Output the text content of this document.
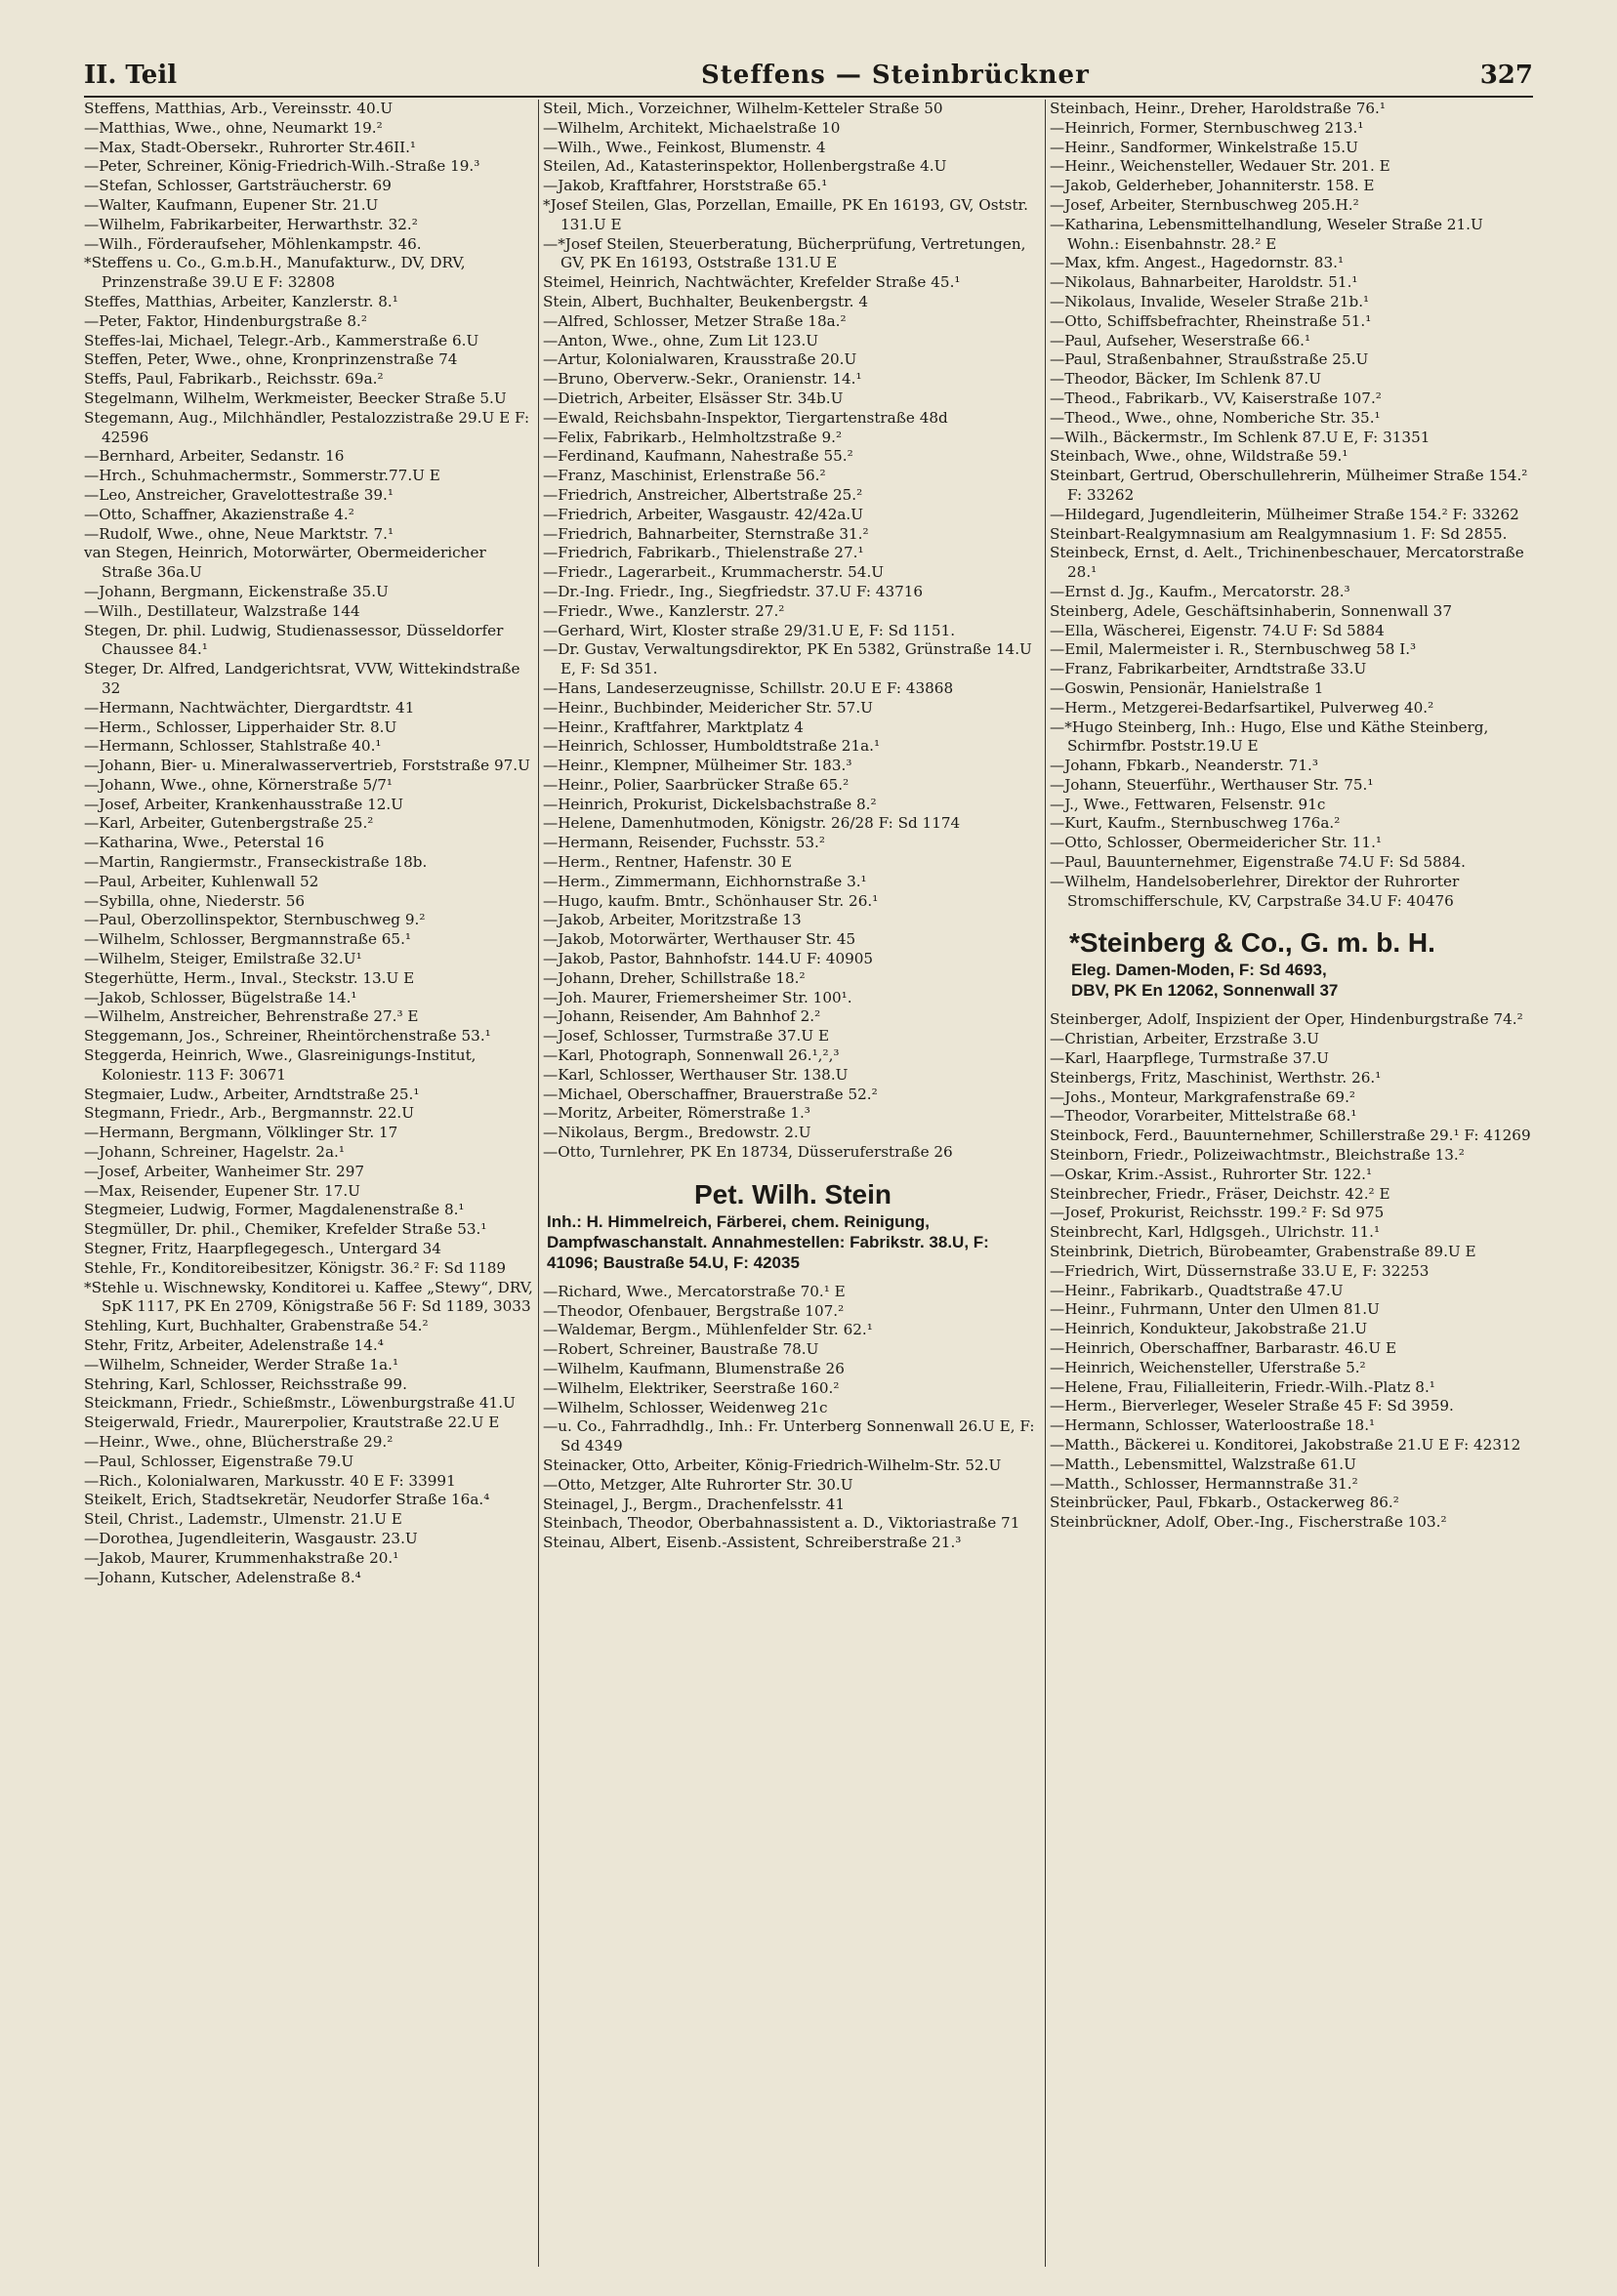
II. Teil	Steffens — Steinbrückner	327

Steffens, Matthias, Arb., Vereinsstr. 40.U

—Matthias, Wwe., ohne, Neumarkt 19.²

—Max, Stadt-Obersekr., Ruhrorter Str.46II.¹

—Peter, Schreiner, König-Friedrich-Wilh.-Straße 19.³

—Stefan, Schlosser, Gartsträucherstr. 69

—Walter, Kaufmann, Eupener Str. 21.U

—Wilhelm, Fabrikarbeiter, Herwarthstr. 32.²

—Wilh., Förderaufseher, Möhlenkampstr. 46.

*Steffens u. Co., G.m.b.H., Manufakturw., DV, DRV, Prinzenstraße 39.U E F: 32808

Steffes, Matthias, Arbeiter, Kanzlerstr. 8.¹

—Peter, Faktor, Hindenburgstraße 8.²

Steffes-lai, Michael, Telegr.-Arb., Kammerstraße 6.U

Steffen, Peter, Wwe., ohne, Kronprinzenstraße 74

Steffs, Paul, Fabrikarb., Reichsstr. 69a.²

Stegelmann, Wilhelm, Werkmeister, Beecker Straße 5.U

Stegemann, Aug., Milchhändler, Pestalozzistraße 29.U E F: 42596

—Bernhard, Arbeiter, Sedanstr. 16

—Hrch., Schuhmachermstr., Sommerstr.77.U E

—Leo, Anstreicher, Gravelottestraße 39.¹

—Otto, Schaffner, Akazienstraße 4.²

—Rudolf, Wwe., ohne, Neue Marktstr. 7.¹

van Stegen, Heinrich, Motorwärter, Obermeidericher Straße 36a.U

—Johann, Bergmann, Eickenstraße 35.U

—Wilh., Destillateur, Walzstraße 144

Stegen, Dr. phil. Ludwig, Studienassessor, Düsseldorfer Chaussee 84.¹

Steger, Dr. Alfred, Landgerichtsrat, VVW, Wittekindstraße 32

—Hermann, Nachtwächter, Diergardtstr. 41

—Herm., Schlosser, Lipperhaider Str. 8.U

—Hermann, Schlosser, Stahlstraße 40.¹

—Johann, Bier- u. Mineralwasservertrieb, Forststraße 97.U

—Johann, Wwe., ohne, Körnerstraße 5/7¹

—Josef, Arbeiter, Krankenhausstraße 12.U

—Karl, Arbeiter, Gutenbergstraße 25.²

—Katharina, Wwe., Peterstal 16

—Martin, Rangiermstr., Franseckistraße 18b.

—Paul, Arbeiter, Kuhlenwall 52

—Sybilla, ohne, Niederstr. 56

—Paul, Oberzollinspektor, Sternbuschweg 9.²

—Wilhelm, Schlosser, Bergmannstraße 65.¹

—Wilhelm, Steiger, Emilstraße 32.U¹

Stegerhütte, Herm., Inval., Steckstr. 13.U E

—Jakob, Schlosser, Bügelstraße 14.¹

—Wilhelm, Anstreicher, Behrenstraße 27.³ E

Steggemann, Jos., Schreiner, Rheintörchenstraße 53.¹

Steggerda, Heinrich, Wwe., Glasreinigungs-Institut, Koloniestr. 113 F: 30671

Stegmaier, Ludw., Arbeiter, Arndtstraße 25.¹

Stegmann, Friedr., Arb., Bergmannstr. 22.U

—Hermann, Bergmann, Völklinger Str. 17

—Johann, Schreiner, Hagelstr. 2a.¹

—Josef, Arbeiter, Wanheimer Str. 297

—Max, Reisender, Eupener Str. 17.U

Stegmeier, Ludwig, Former, Magdalenenstraße 8.¹

Stegmüller, Dr. phil., Chemiker, Krefelder Straße 53.¹

Stegner, Fritz, Haarpflegegesch., Untergard 34

Stehle, Fr., Konditoreibesitzer, Königstr. 36.² F: Sd 1189

*Stehle u. Wischnewsky, Konditorei u. Kaffee „Stewy“, DRV, SpK 1117, PK En 2709, Königstraße 56 F: Sd 1189, 3033

Stehling, Kurt, Buchhalter, Grabenstraße 54.²

Stehr, Fritz, Arbeiter, Adelenstraße 14.⁴

—Wilhelm, Schneider, Werder Straße 1a.¹

Stehring, Karl, Schlosser, Reichsstraße 99.

Steickmann, Friedr., Schießmstr., Löwenburgstraße 41.U

Steigerwald, Friedr., Maurerpolier, Krautstraße 22.U E

—Heinr., Wwe., ohne, Blücherstraße 29.²

—Paul, Schlosser, Eigenstraße 79.U

—Rich., Kolonialwaren, Markusstr. 40 E F: 33991

Steikelt, Erich, Stadtsekretär, Neudorfer Straße 16a.⁴

Steil, Christ., Lademstr., Ulmenstr. 21.U E

—Dorothea, Jugendleiterin, Wasgaustr. 23.U

—Jakob, Maurer, Krummenhakstraße 20.¹

—Johann, Kutscher, Adelenstraße 8.⁴

Steil, Mich., Vorzeichner, Wilhelm-Ketteler Straße 50

—Wilhelm, Architekt, Michaelstraße 10

—Wilh., Wwe., Feinkost, Blumenstr. 4

Steilen, Ad., Katasterinspektor, Hollenbergstraße 4.U

—Jakob, Kraftfahrer, Horststraße 65.¹

*Josef Steilen, Glas, Porzellan, Emaille, PK En 16193, GV, Oststr. 131.U E

—*Josef Steilen, Steuerberatung, Bücherprüfung, Vertretungen, GV, PK En 16193, Oststraße 131.U E

Steimel, Heinrich, Nachtwächter, Krefelder Straße 45.¹

Stein, Albert, Buchhalter, Beukenbergstr. 4

—Alfred, Schlosser, Metzer Straße 18a.²

—Anton, Wwe., ohne, Zum Lit 123.U

—Artur, Kolonialwaren, Krausstraße 20.U

—Bruno, Oberverw.-Sekr., Oranienstr. 14.¹

—Dietrich, Arbeiter, Elsässer Str. 34b.U

—Ewald, Reichsbahn-Inspektor, Tiergartenstraße 48d

—Felix, Fabrikarb., Helmholtzstraße 9.²

—Ferdinand, Kaufmann, Nahestraße 55.²

—Franz, Maschinist, Erlenstraße 56.²

—Friedrich, Anstreicher, Albertstraße 25.²

—Friedrich, Arbeiter, Wasgaustr. 42/42a.U

—Friedrich, Bahnarbeiter, Sternstraße 31.²

—Friedrich, Fabrikarb., Thielenstraße 27.¹

—Friedr., Lagerarbeit., Krummacherstr. 54.U

—Dr.-Ing. Friedr., Ing., Siegfriedstr. 37.U F: 43716

—Friedr., Wwe., Kanzlerstr. 27.²

—Gerhard, Wirt, Kloster straße 29/31.U E, F: Sd 1151.

—Dr. Gustav, Verwaltungsdirektor, PK En 5382, Grünstraße 14.U E, F: Sd 351.

—Hans, Landeserzeugnisse, Schillstr. 20.U E F: 43868

—Heinr., Buchbinder, Meidericher Str. 57.U

—Heinr., Kraftfahrer, Marktplatz 4

—Heinrich, Schlosser, Humboldtstraße 21a.¹

—Heinr., Klempner, Mülheimer Str. 183.³

—Heinr., Polier, Saarbrücker Straße 65.²

—Heinrich, Prokurist, Dickelsbachstraße 8.²

—Helene, Damenhutmoden, Königstr. 26/28 F: Sd 1174

—Hermann, Reisender, Fuchsstr. 53.²

—Herm., Rentner, Hafenstr. 30 E

—Herm., Zimmermann, Eichhornstraße 3.¹

—Hugo, kaufm. Bmtr., Schönhauser Str. 26.¹

—Jakob, Arbeiter, Moritzstraße 13

—Jakob, Motorwärter, Werthauser Str. 45

—Jakob, Pastor, Bahnhofstr. 144.U F: 40905

—Johann, Dreher, Schillstraße 18.²

—Joh. Maurer, Friemersheimer Str. 100¹.

—Johann, Reisender, Am Bahnhof 2.²

—Josef, Schlosser, Turmstraße 37.U E

—Karl, Photograph, Sonnenwall 26.¹,²,³

—Karl, Schlosser, Werthauser Str. 138.U

—Michael, Oberschaffner, Brauerstraße 52.²

—Moritz, Arbeiter, Römerstraße 1.³

—Nikolaus, Bergm., Bredowstr. 2.U

—Otto, Turnlehrer, PK En 18734, Düsseruferstraße 26

Pet. Wilh. Stein
Inh.: H. Himmelreich, Färberei, chem. Reinigung, Dampfwaschanstalt. Annahmestellen: Fabrikstr. 38.U, F: 41096; Baustraße 54.U, F: 42035

—Richard, Wwe., Mercatorstraße 70.¹ E

—Theodor, Ofenbauer, Bergstraße 107.²

—Waldemar, Bergm., Mühlenfelder Str. 62.¹

—Robert, Schreiner, Baustraße 78.U

—Wilhelm, Kaufmann, Blumenstraße 26

—Wilhelm, Elektriker, Seerstraße 160.²

—Wilhelm, Schlosser, Weidenweg 21c

—u. Co., Fahrradhdlg., Inh.: Fr. Unterberg Sonnenwall 26.U E, F: Sd 4349

Steinacker, Otto, Arbeiter, König-Friedrich-Wilhelm-Str. 52.U

—Otto, Metzger, Alte Ruhrorter Str. 30.U

Steinagel, J., Bergm., Drachenfelsstr. 41

Steinbach, Theodor, Oberbahnassistent a. D., Viktoriastraße 71

Steinau, Albert, Eisenb.-Assistent, Schreiberstraße 21.³

Steinbach, Heinr., Dreher, Haroldstraße 76.¹

—Heinrich, Former, Sternbuschweg 213.¹

—Heinr., Sandformer, Winkelstraße 15.U

—Heinr., Weichensteller, Wedauer Str. 201. E

—Jakob, Gelderheber, Johanniterstr. 158. E

—Josef, Arbeiter, Sternbuschweg 205.H.²

—Katharina, Lebensmittelhandlung, Weseler Straße 21.U Wohn.: Eisenbahnstr. 28.² E

—Max, kfm. Angest., Hagedornstr. 83.¹

—Nikolaus, Bahnarbeiter, Haroldstr. 51.¹

—Nikolaus, Invalide, Weseler Straße 21b.¹

—Otto, Schiffsbefrachter, Rheinstraße 51.¹

—Paul, Aufseher, Weserstraße 66.¹

—Paul, Straßenbahner, Straußstraße 25.U

—Theodor, Bäcker, Im Schlenk 87.U

—Theod., Fabrikarb., VV, Kaiserstraße 107.²

—Theod., Wwe., ohne, Nomberiche Str. 35.¹

—Wilh., Bäckermstr., Im Schlenk 87.U E, F: 31351

Steinbach, Wwe., ohne, Wildstraße 59.¹

Steinbart, Gertrud, Oberschullehrerin, Mülheimer Straße 154.² F: 33262

—Hildegard, Jugendleiterin, Mülheimer Straße 154.² F: 33262

Steinbart-Realgymnasium am Realgymnasium 1. F: Sd 2855.

Steinbeck, Ernst, d. Aelt., Trichinenbeschauer, Mercatorstraße 28.¹

—Ernst d. Jg., Kaufm., Mercatorstr. 28.³

Steinberg, Adele, Geschäftsinhaberin, Sonnenwall 37

—Ella, Wäscherei, Eigenstr. 74.U F: Sd 5884

—Emil, Malermeister i. R., Sternbuschweg 58 I.³

—Franz, Fabrikarbeiter, Arndtstraße 33.U

—Goswin, Pensionär, Hanielstraße 1

—Herm., Metzgerei-Bedarfsartikel, Pulverweg 40.²

—*Hugo Steinberg, Inh.: Hugo, Else und Käthe Steinberg, Schirmfbr. Poststr.19.U E

—Johann, Fbkarb., Neanderstr. 71.³

—Johann, Steuerführ., Werthauser Str. 75.¹

—J., Wwe., Fettwaren, Felsenstr. 91c

—Kurt, Kaufm., Sternbuschweg 176a.²

—Otto, Schlosser, Obermeidericher Str. 11.¹

—Paul, Bauunternehmer, Eigenstraße 74.U F: Sd 5884.

—Wilhelm, Handelsoberlehrer, Direktor der Ruhrorter Stromschifferschule, KV, Carpstraße 34.U F: 40476

*Steinberg & Co., G. m. b. H.
Eleg. Damen-Moden, F: Sd 4693,
DBV, PK En 12062, Sonnenwall 37

Steinberger, Adolf, Inspizient der Oper, Hindenburgstraße 74.²

—Christian, Arbeiter, Erzstraße 3.U

—Karl, Haarpflege, Turmstraße 37.U

Steinbergs, Fritz, Maschinist, Werthstr. 26.¹

—Johs., Monteur, Markgrafenstraße 69.²

—Theodor, Vorarbeiter, Mittelstraße 68.¹

Steinbock, Ferd., Bauunternehmer, Schillerstraße 29.¹ F: 41269

Steinborn, Friedr., Polizeiwachtmstr., Bleichstraße 13.²

—Oskar, Krim.-Assist., Ruhrorter Str. 122.¹

Steinbrecher, Friedr., Fräser, Deichstr. 42.² E

—Josef, Prokurist, Reichsstr. 199.² F: Sd 975

Steinbrecht, Karl, Hdlgsgeh., Ulrichstr. 11.¹

Steinbrink, Dietrich, Bürobeamter, Grabenstraße 89.U E

—Friedrich, Wirt, Düssernstraße 33.U E, F: 32253

—Heinr., Fabrikarb., Quadtstraße 47.U

—Heinr., Fuhrmann, Unter den Ulmen 81.U

—Heinrich, Kondukteur, Jakobstraße 21.U

—Heinrich, Oberschaffner, Barbarastr. 46.U E

—Heinrich, Weichensteller, Uferstraße 5.²

—Helene, Frau, Filialleiterin, Friedr.-Wilh.-Platz 8.¹

—Herm., Bierverleger, Weseler Straße 45 F: Sd 3959.

—Hermann, Schlosser, Waterloostraße 18.¹

—Matth., Bäckerei u. Konditorei, Jakobstraße 21.U E F: 42312

—Matth., Lebensmittel, Walzstraße 61.U

—Matth., Schlosser, Hermannstraße 31.²

Steinbrücker, Paul, Fbkarb., Ostackerweg 86.²

Steinbrückner, Adolf, Ober.-Ing., Fischerstraße 103.²
